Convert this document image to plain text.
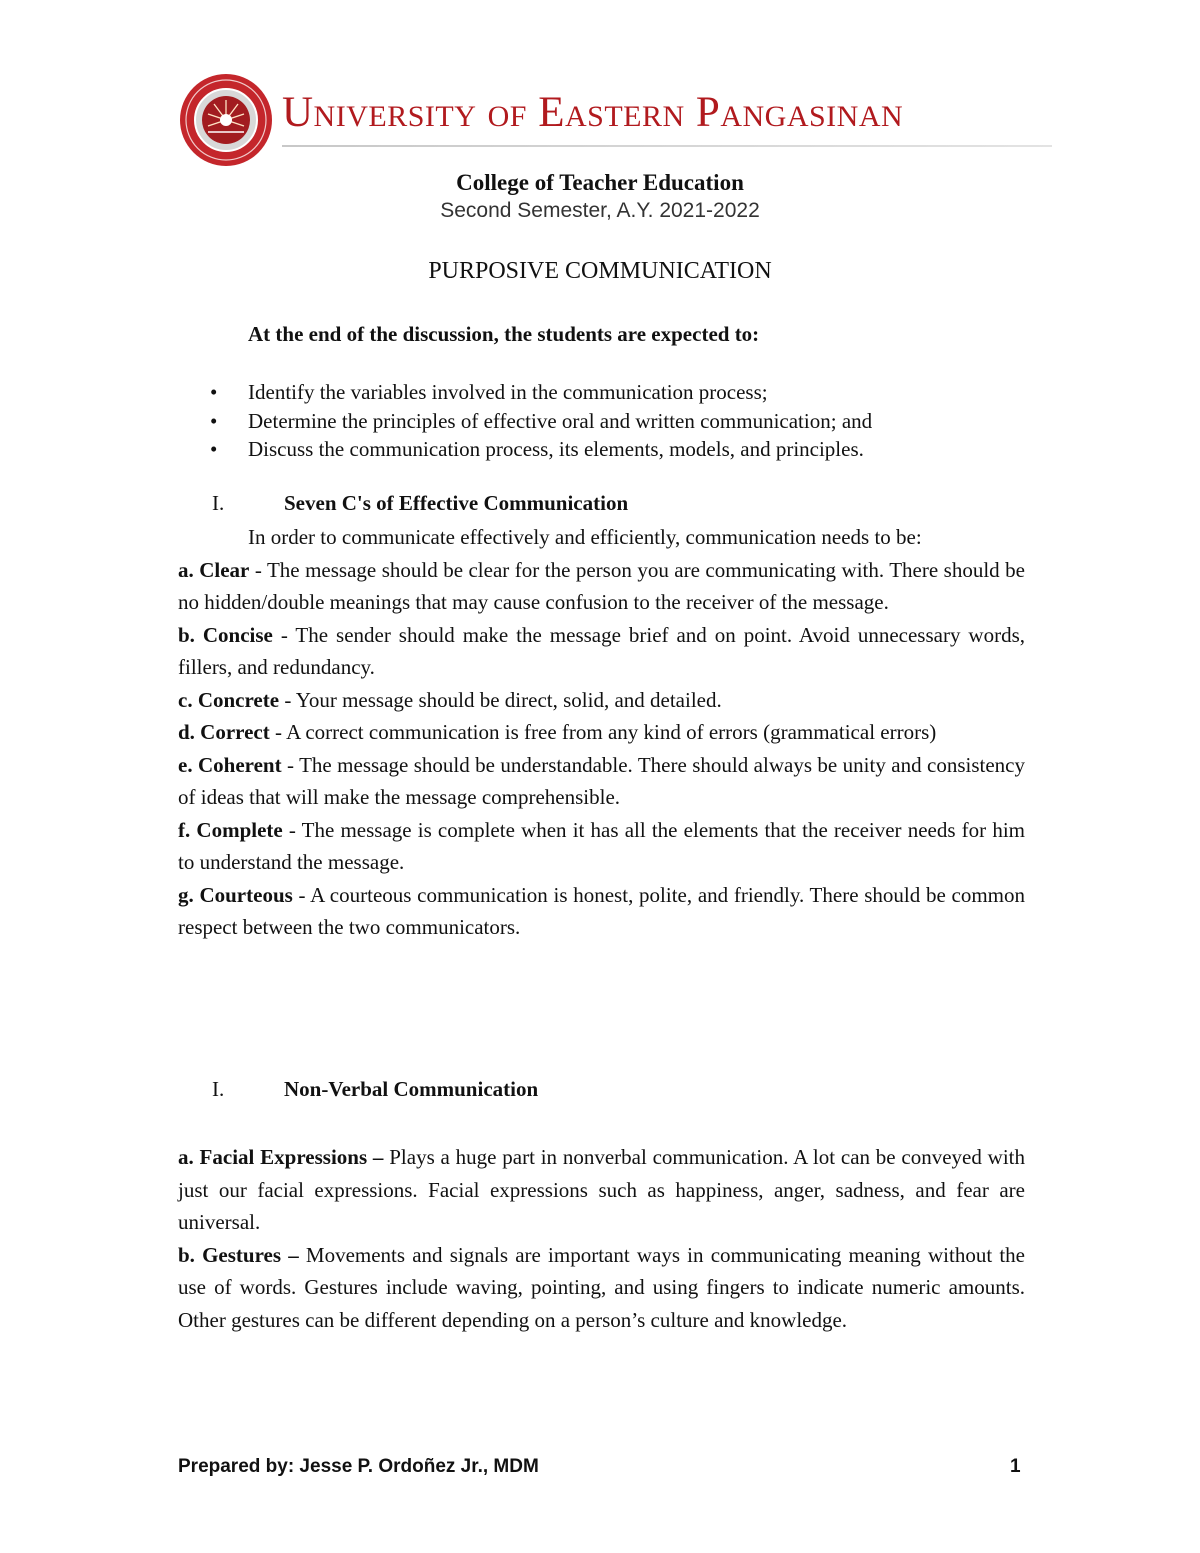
University of Eastern Pangasinan
College of Teacher Education
Second Semester, A.Y. 2021-2022
PURPOSIVE COMMUNICATION
At the end of the discussion, the students are expected to:
• Identify the variables involved in the communication process;
• Determine the principles of effective oral and written communication; and
• Discuss the communication process, its elements, models, and principles.
I.	Seven C's of Effective Communication

In order to communicate effectively and efficiently, communication needs to be:

a. Clear - The message should be clear for the person you are communicating with. There should be no hidden/double meanings that may cause confusion to the receiver of the message.

b. Concise - The sender should make the message brief and on point. Avoid unnecessary words, fillers, and redundancy.

c. Concrete - Your message should be direct, solid, and detailed.

d. Correct - A correct communication is free from any kind of errors (grammatical errors)

e. Coherent - The message should be understandable. There should always be unity and consistency of ideas that will make the message comprehensible.

f. Complete - The message is complete when it has all the elements that the receiver needs for him to understand the message.

g. Courteous - A courteous communication is honest, polite, and friendly. There should be common respect between the two communicators.

I.	Non-Verbal Communication

a. Facial Expressions – Plays a huge part in nonverbal communication. A lot can be conveyed with just our facial expressions. Facial expressions such as happiness, anger, sadness, and fear are universal.

b. Gestures – Movements and signals are important ways in communicating meaning without the use of words. Gestures include waving, pointing, and using fingers to indicate numeric amounts. Other gestures can be different depending on a person’s culture and knowledge.

Prepared by: Jesse P. Ordoñez Jr., MDM	1
